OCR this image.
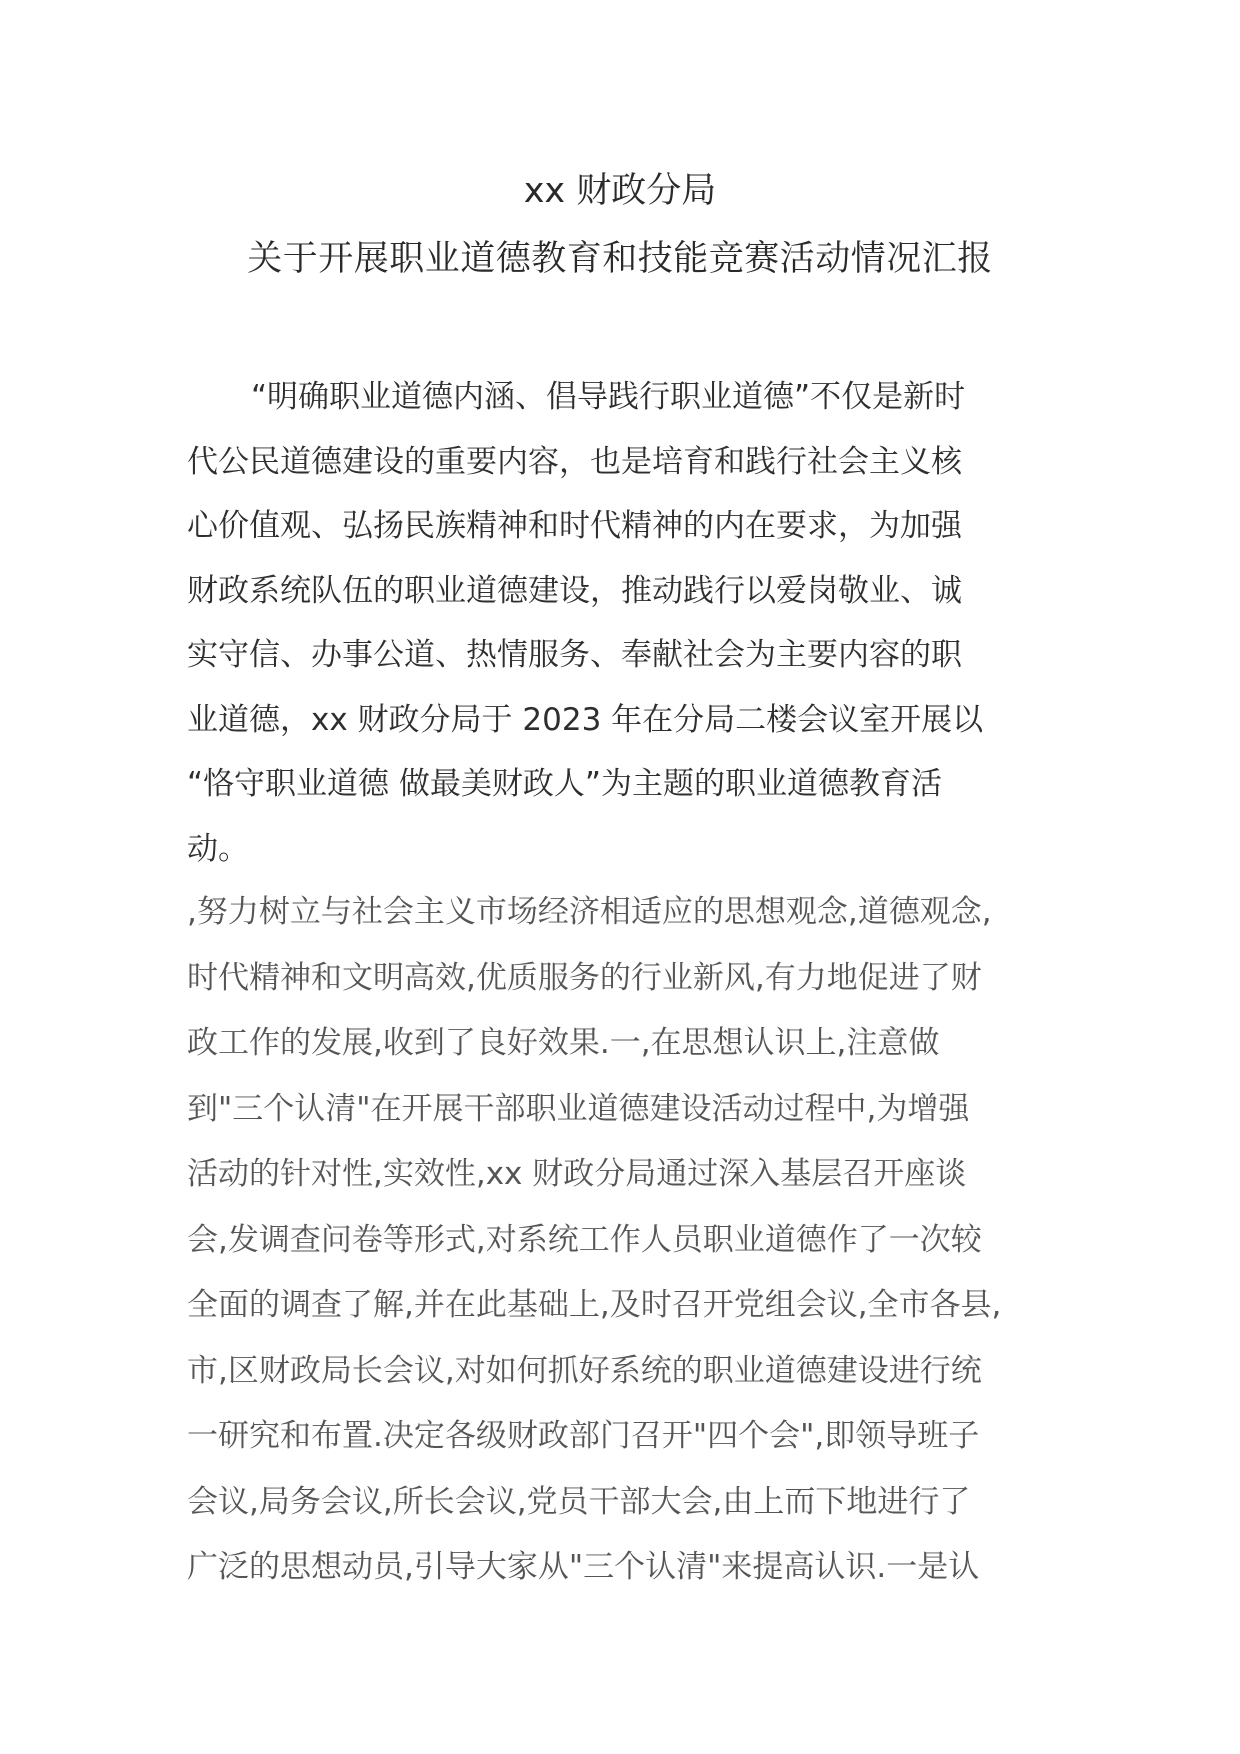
xx 财政分局
关于开展职业道德教育和技能竞赛活动情况汇报
“明确职业道德内涵、倡导践行职业道德”不仅是新时
代公民道德建设的重要内容，也是培育和践行社会主义核
心价值观、弘扬民族精神和时代精神的内在要求，为加强
财政系统队伍的职业道德建设，推动践行以爱岗敬业、诚
实守信、办事公道、热情服务、奉献社会为主要内容的职
业道德，xx 财政分局于 2023 年在分局二楼会议室开展以
“恪守职业道德 做最美财政人”为主题的职业道德教育活
动。
,努力树立与社会主义市场经济相适应的思想观念,道德观念,
时代精神和文明高效,优质服务的行业新风,有力地促进了财
政工作的发展,收到了良好效果.一,在思想认识上,注意做
到"三个认清"在开展干部职业道德建设活动过程中,为增强
活动的针对性,实效性,xx 财政分局通过深入基层召开座谈
会,发调查问卷等形式,对系统工作人员职业道德作了一次较
全面的调查了解,并在此基础上,及时召开党组会议,全市各县,
市,区财政局长会议,对如何抓好系统的职业道德建设进行统
一研究和布置.决定各级财政部门召开"四个会",即领导班子
会议,局务会议,所长会议,党员干部大会,由上而下地进行了
广泛的思想动员,引导大家从"三个认清"来提高认识.一是认
